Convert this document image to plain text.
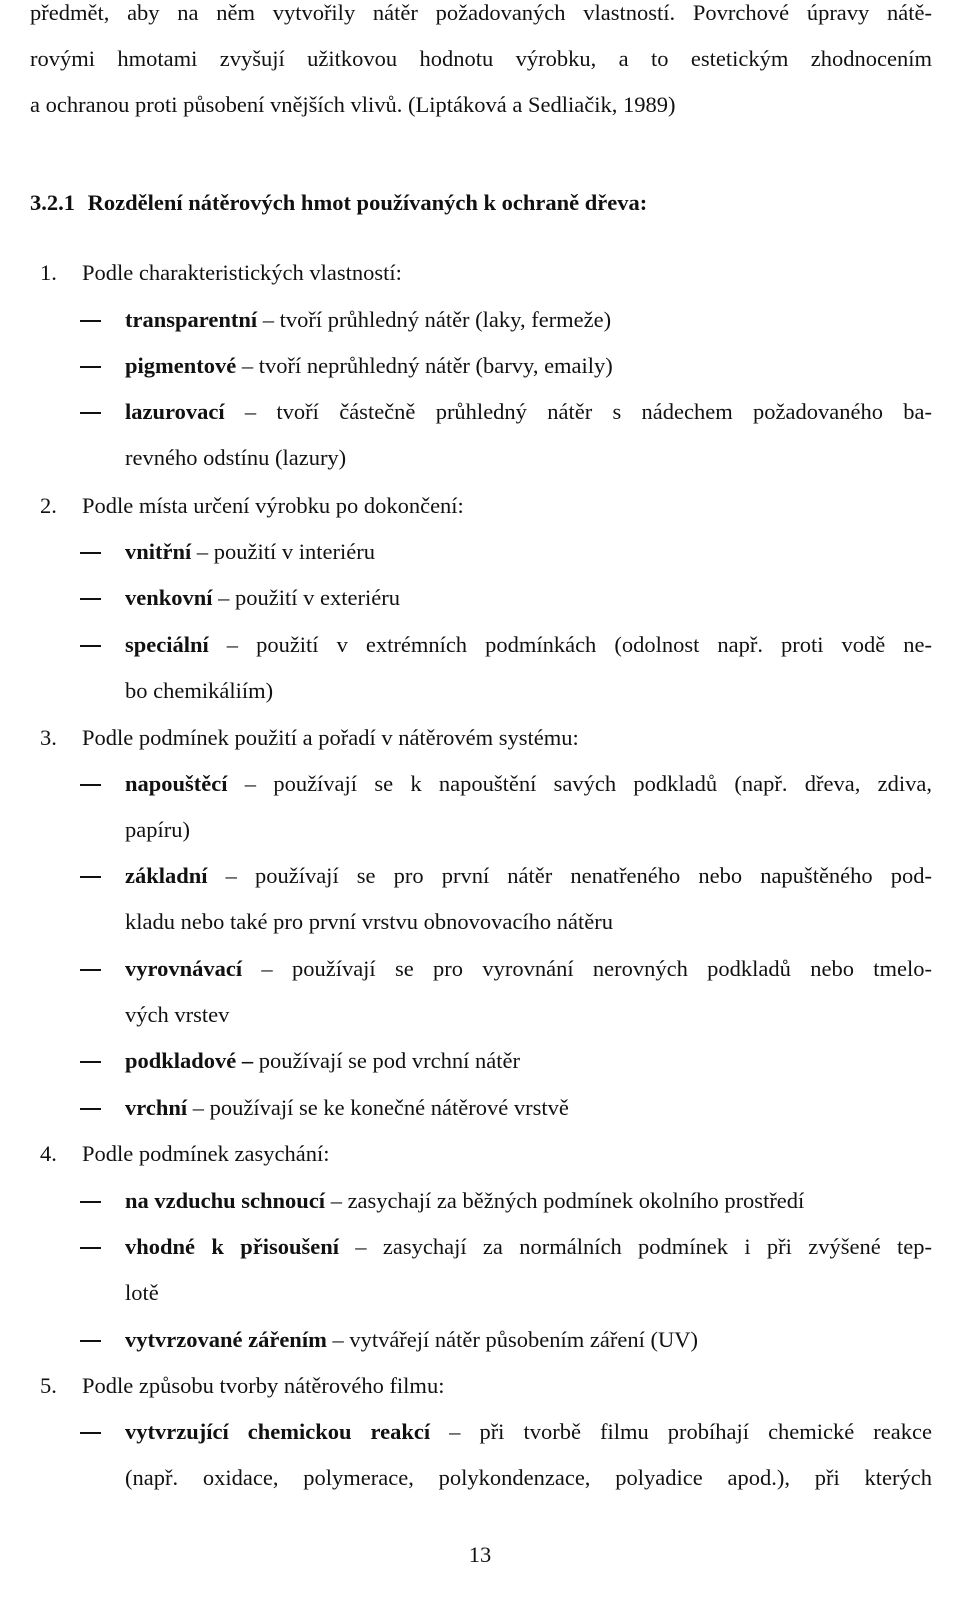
předmět, aby na něm vytvořily nátěr požadovaných vlastností. Povrchové úpravy nátě-
rovými hmotami zvyšují užitkovou hodnotu výrobku, a to estetickým zhodnocením
a ochranou proti působení vnějších vlivů. (Liptáková a Sedliačik, 1989)
3.2.1 Rozdělení nátěrových hmot používaných k ochraně dřeva:
1. Podle charakteristických vlastností:
transparentní – tvoří průhledný nátěr (laky, fermeže)
pigmentové – tvoří neprůhledný nátěr (barvy, emaily)
lazurovací – tvoří částečně průhledný nátěr s nádechem požadovaného ba-
revného odstínu (lazury)
2. Podle místa určení výrobku po dokončení:
vnitřní – použití v interiéru
venkovní – použití v exteriéru
speciální – použití v extrémních podmínkách (odolnost např. proti vodě ne-
bo chemikáliím)
3. Podle podmínek použití a pořadí v nátěrovém systému:
napouštěcí – používají se k napouštění savých podkladů (např. dřeva, zdiva,
papíru)
základní – používají se pro první nátěr nenatřeného nebo napuštěného pod-
kladu nebo také pro první vrstvu obnovovacího nátěru
vyrovnávací – používají se pro vyrovnání nerovných podkladů nebo tmelo-
vých vrstev
podkladové – používají se pod vrchní nátěr
vrchní – používají se ke konečné nátěrové vrstvě
4. Podle podmínek zasychání:
na vzduchu schnoucí – zasychají za běžných podmínek okolního prostředí
vhodné k přisoušení – zasychají za normálních podmínek i při zvýšené tep-
lotě
vytvrzované zářením – vytvářejí nátěr působením záření (UV)
5. Podle způsobu tvorby nátěrového filmu:
vytvrzující chemickou reakcí – při tvorbě filmu probíhají chemické reakce
(např. oxidace, polymerace, polykondenzace, polyadice apod.), při kterých
13
